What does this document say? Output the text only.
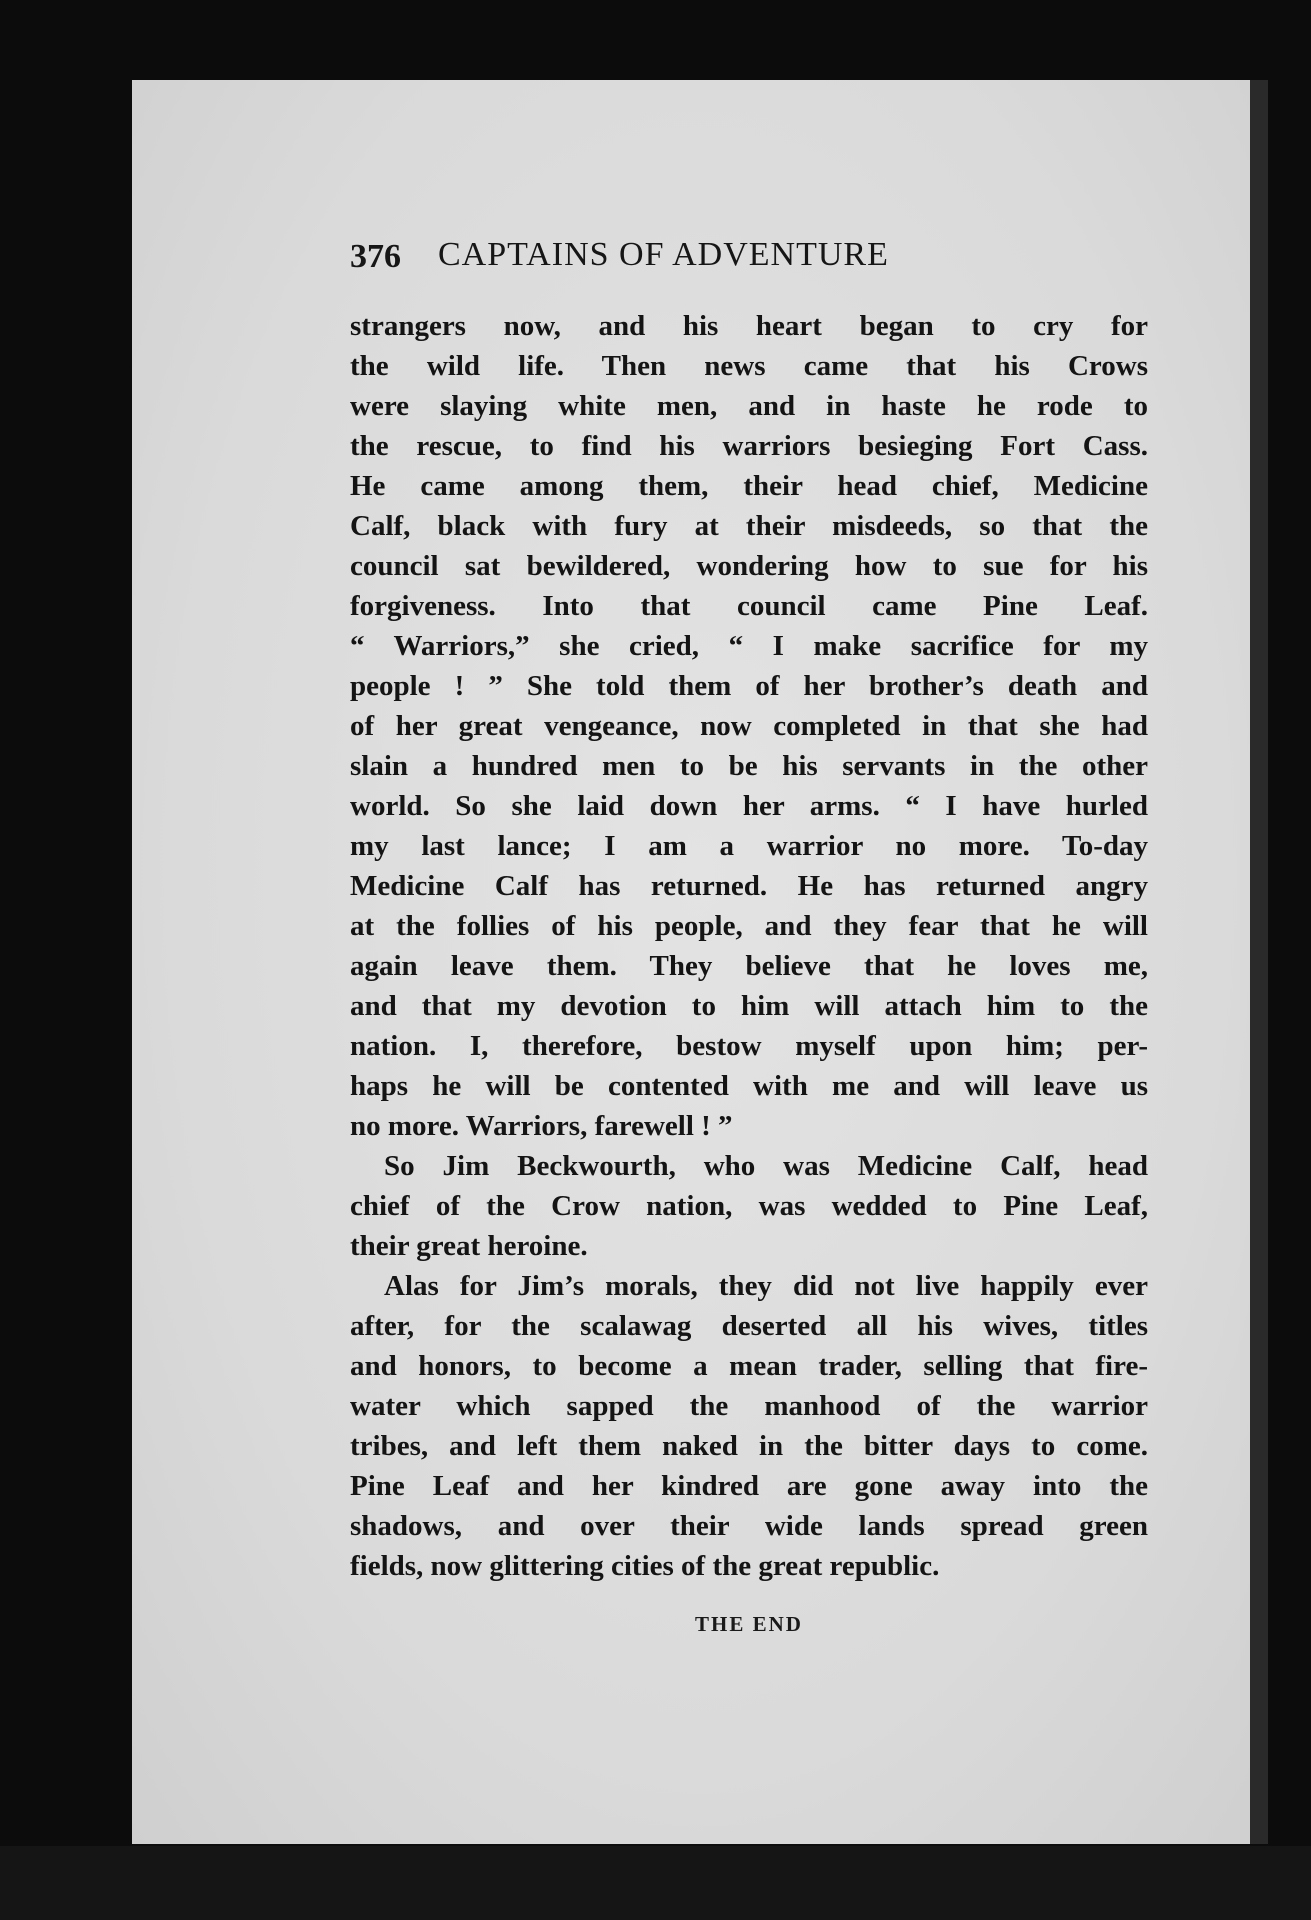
376 CAPTAINS OF ADVENTURE
strangers now, and his heart began to cry for
the wild life. Then news came that his Crows
were slaying white men, and in haste he rode to
the rescue, to find his warriors besieging Fort Cass.
He came among them, their head chief, Medicine
Calf, black with fury at their misdeeds, so that the
council sat bewildered, wondering how to sue for his
forgiveness. Into that council came Pine Leaf.
“ Warriors,” she cried, “ I make sacrifice for my
people ! ” She told them of her brother’s death and
of her great vengeance, now completed in that she had
slain a hundred men to be his servants in the other
world. So she laid down her arms. “ I have hurled
my last lance; I am a warrior no more. To-day
Medicine Calf has returned. He has returned angry
at the follies of his people, and they fear that he will
again leave them. They believe that he loves me,
and that my devotion to him will attach him to the
nation. I, therefore, bestow myself upon him; per-
haps he will be contented with me and will leave us
no more. Warriors, farewell ! ”
So Jim Beckwourth, who was Medicine Calf, head
chief of the Crow nation, was wedded to Pine Leaf,
their great heroine.
Alas for Jim’s morals, they did not live happily ever
after, for the scalawag deserted all his wives, titles
and honors, to become a mean trader, selling that fire-
water which sapped the manhood of the warrior
tribes, and left them naked in the bitter days to come.
Pine Leaf and her kindred are gone away into the
shadows, and over their wide lands spread green
fields, now glittering cities of the great republic.
THE END
